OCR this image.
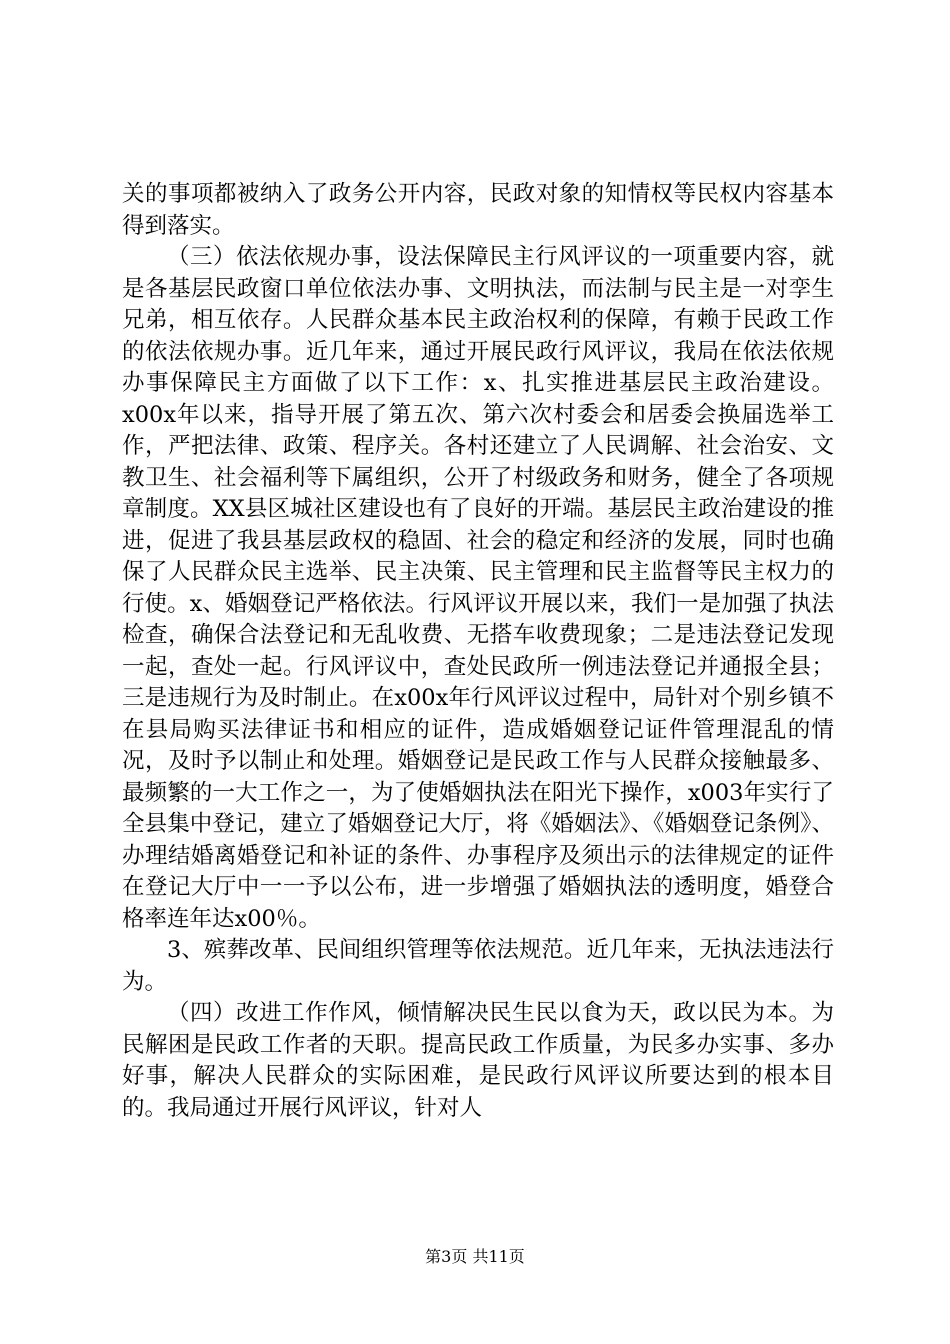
关的事项都被纳入了政务公开内容，民政对象的知情权等民权内容基本得到落实。

（三）依法依规办事，设法保障民主行风评议的一项重要内容，就是各基层民政窗口单位依法办事、文明执法，而法制与民主是一对孪生兄弟，相互依存。人民群众基本民主政治权利的保障，有赖于民政工作的依法依规办事。近几年来，通过开展民政行风评议，我局在依法依规办事保障民主方面做了以下工作：x、扎实推进基层民主政治建设。x00x年以来，指导开展了第五次、第六次村委会和居委会换届选举工作，严把法律、政策、程序关。各村还建立了人民调解、社会治安、文教卫生、社会福利等下属组织，公开了村级政务和财务，健全了各项规章制度。XX县区城社区建设也有了良好的开端。基层民主政治建设的推进，促进了我县基层政权的稳固、社会的稳定和经济的发展，同时也确保了人民群众民主选举、民主决策、民主管理和民主监督等民主权力的行使。x、婚姻登记严格依法。行风评议开展以来，我们一是加强了执法检查，确保合法登记和无乱收费、无搭车收费现象；二是违法登记发现一起，查处一起。行风评议中，查处民政所一例违法登记并通报全县；三是违规行为及时制止。在x00x年行风评议过程中，局针对个别乡镇不在县局购买法律证书和相应的证件，造成婚姻登记证件管理混乱的情况，及时予以制止和处理。婚姻登记是民政工作与人民群众接触最多、最频繁的一大工作之一，为了使婚姻执法在阳光下操作，x003年实行了全县集中登记，建立了婚姻登记大厅，将《婚姻法》、《婚姻登记条例》、办理结婚离婚登记和补证的条件、办事程序及须出示的法律规定的证件在登记大厅中一一予以公布，进一步增强了婚姻执法的透明度，婚登合格率连年达x00％。

3、殡葬改革、民间组织管理等依法规范。近几年来，无执法违法行为。

（四）改进工作作风，倾情解决民生民以食为天，政以民为本。为民解困是民政工作者的天职。提高民政工作质量，为民多办实事、多办好事，解决人民群众的实际困难，是民政行风评议所要达到的根本目的。我局通过开展行风评议，针对人

第3页 共11页
